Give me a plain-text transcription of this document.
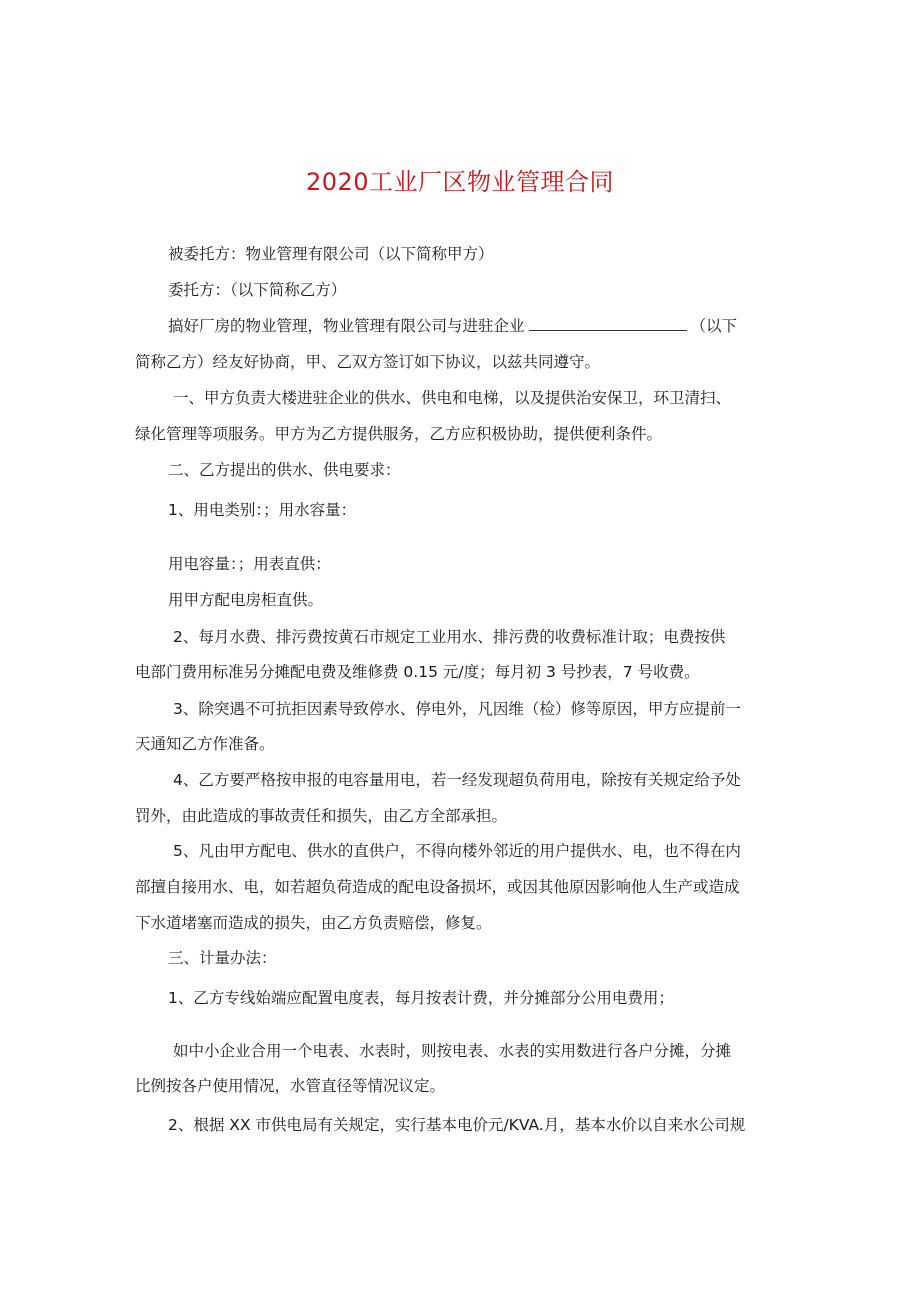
2020工业厂区物业管理合同
被委托方：物业管理有限公司（以下简称甲方）
委托方：（以下简称乙方）
搞好厂房的物业管理，物业管理有限公司与进驻企业	（以下
简称乙方）经友好协商，甲、乙双方签订如下协议，以兹共同遵守。
一、甲方负责大楼进驻企业的供水、供电和电梯，以及提供治安保卫，环卫清扫、
绿化管理等项服务。甲方为乙方提供服务，乙方应积极协助，提供便利条件。
二、乙方提出的供水、供电要求：
1、用电类别：；用水容量：
用电容量：；用表直供：
用甲方配电房柜直供。
2、每月水费、排污费按黄石市规定工业用水、排污费的收费标准计取；电费按供
电部门费用标准另分摊配电费及维修费 0.15 元/度；每月初 3 号抄表，7 号收费。
3、除突遇不可抗拒因素导致停水、停电外，凡因维（检）修等原因，甲方应提前一
天通知乙方作准备。
4、乙方要严格按申报的电容量用电，若一经发现超负荷用电，除按有关规定给予处
罚外，由此造成的事故责任和损失，由乙方全部承担。
5、凡由甲方配电、供水的直供户，不得向楼外邻近的用户提供水、电，也不得在内
部擅自接用水、电，如若超负荷造成的配电设备损坏，或因其他原因影响他人生产或造成
下水道堵塞而造成的损失，由乙方负责赔偿，修复。
三、计量办法：
1、乙方专线始端应配置电度表，每月按表计费，并分摊部分公用电费用；
如中小企业合用一个电表、水表时，则按电表、水表的实用数进行各户分摊，分摊
比例按各户使用情况，水管直径等情况议定。
2、根据 XX 市供电局有关规定，实行基本电价元/KVA.月，基本水价以自来水公司规
